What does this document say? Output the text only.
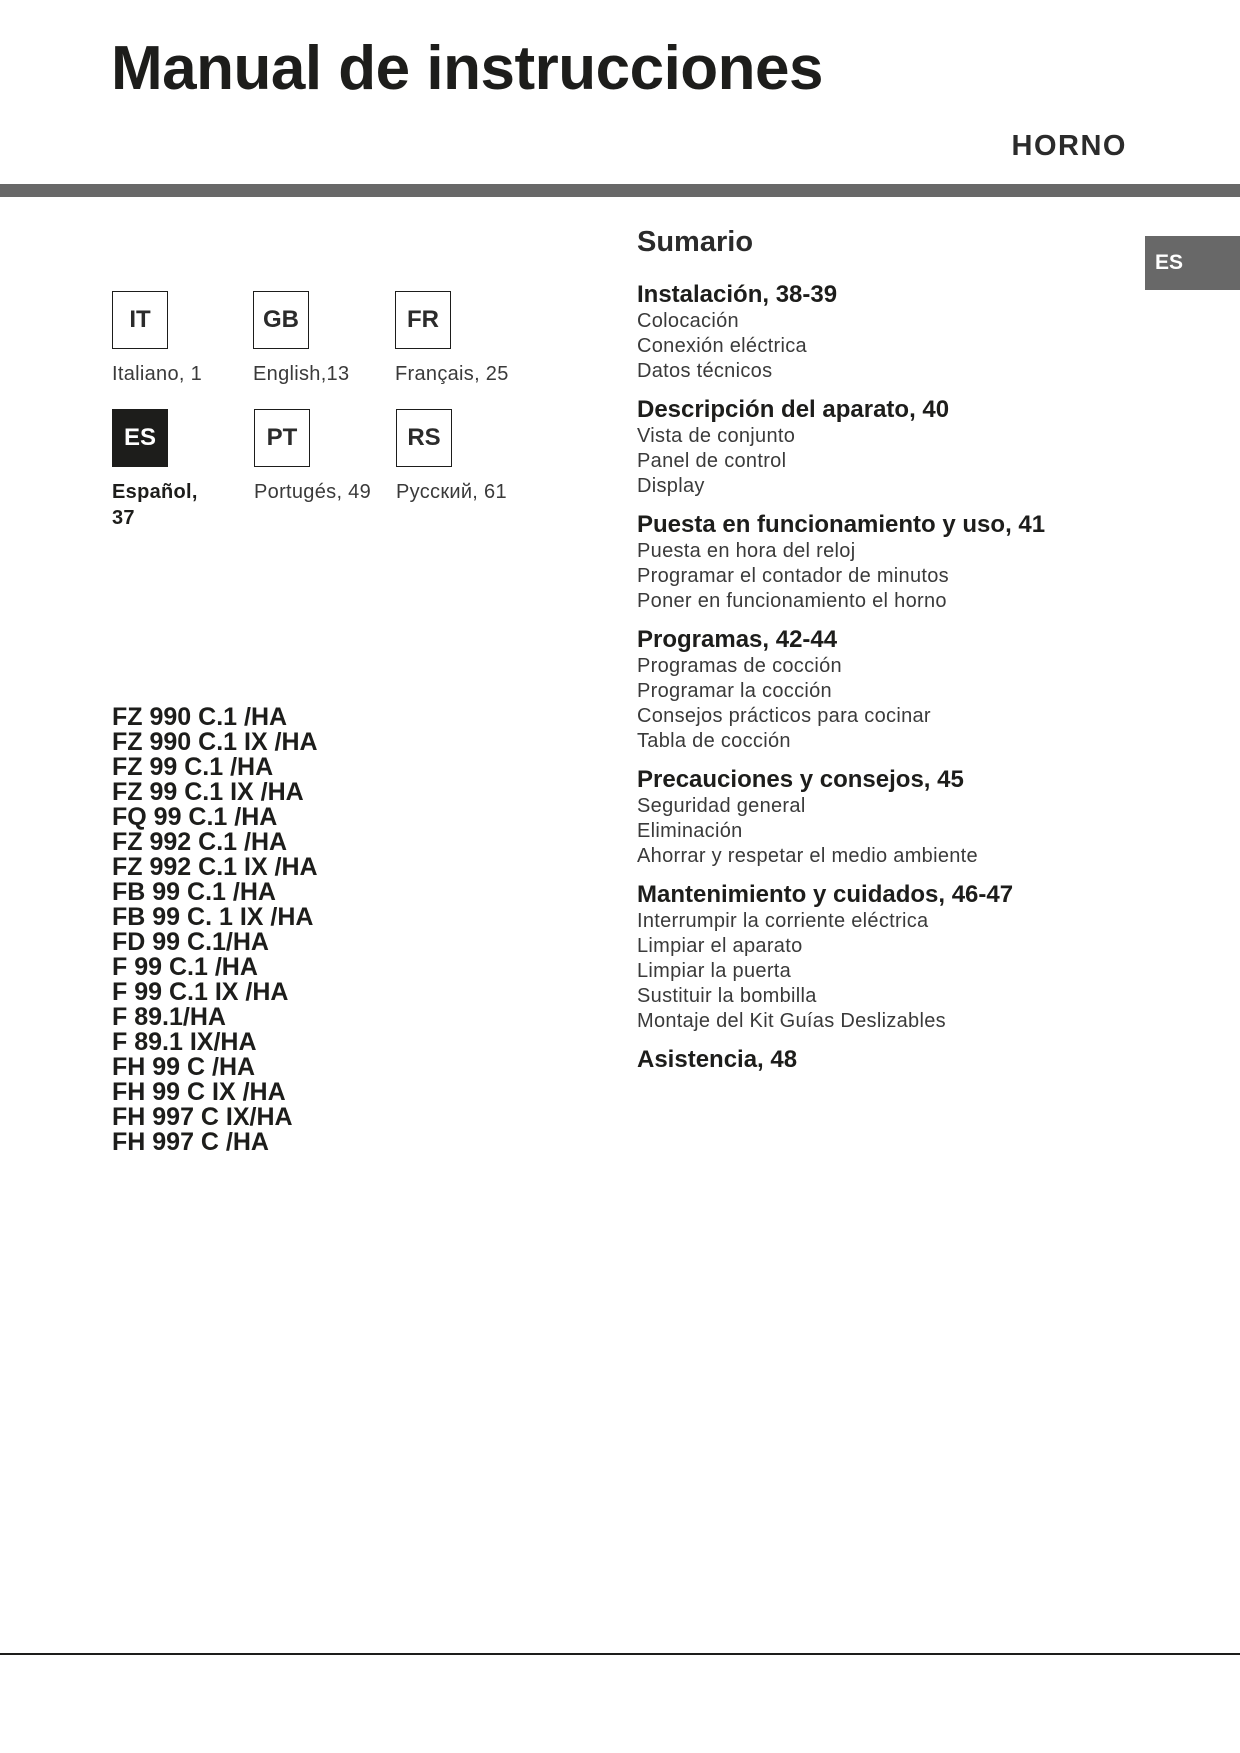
Manual de instrucciones
HORNO
ES
IT
Italiano, 1
GB
English,13
FR
Français, 25
ES
Español, 37
PT
Portugés, 49
RS
Русский, 61
FZ 990 C.1 /HA
FZ 990 C.1 IX /HA
FZ 99 C.1 /HA
FZ 99 C.1 IX /HA
FQ 99 C.1 /HA
FZ 992 C.1 /HA
FZ 992 C.1 IX /HA
FB 99 C.1 /HA
FB 99 C. 1 IX /HA
FD 99 C.1/HA
F 99 C.1 /HA
F 99 C.1 IX /HA
F 89.1/HA
F 89.1 IX/HA
FH 99 C /HA
FH 99 C IX /HA
FH 997 C IX/HA
FH 997 C /HA
Sumario
Instalación, 38-39
Colocación
Conexión eléctrica
Datos técnicos
Descripción del aparato, 40
Vista de conjunto
Panel de control
Display
Puesta en funcionamiento y uso, 41
Puesta en hora del reloj
Programar el contador de minutos
Poner en funcionamiento el horno
Programas, 42-44
Programas de cocción
Programar la cocción
Consejos prácticos para cocinar
Tabla de cocción
Precauciones y consejos, 45
Seguridad general
Eliminación
Ahorrar y respetar el medio ambiente
Mantenimiento y cuidados, 46-47
Interrumpir la corriente eléctrica
Limpiar el aparato
Limpiar la puerta
Sustituir la bombilla
Montaje del Kit Guías Deslizables
Asistencia, 48
